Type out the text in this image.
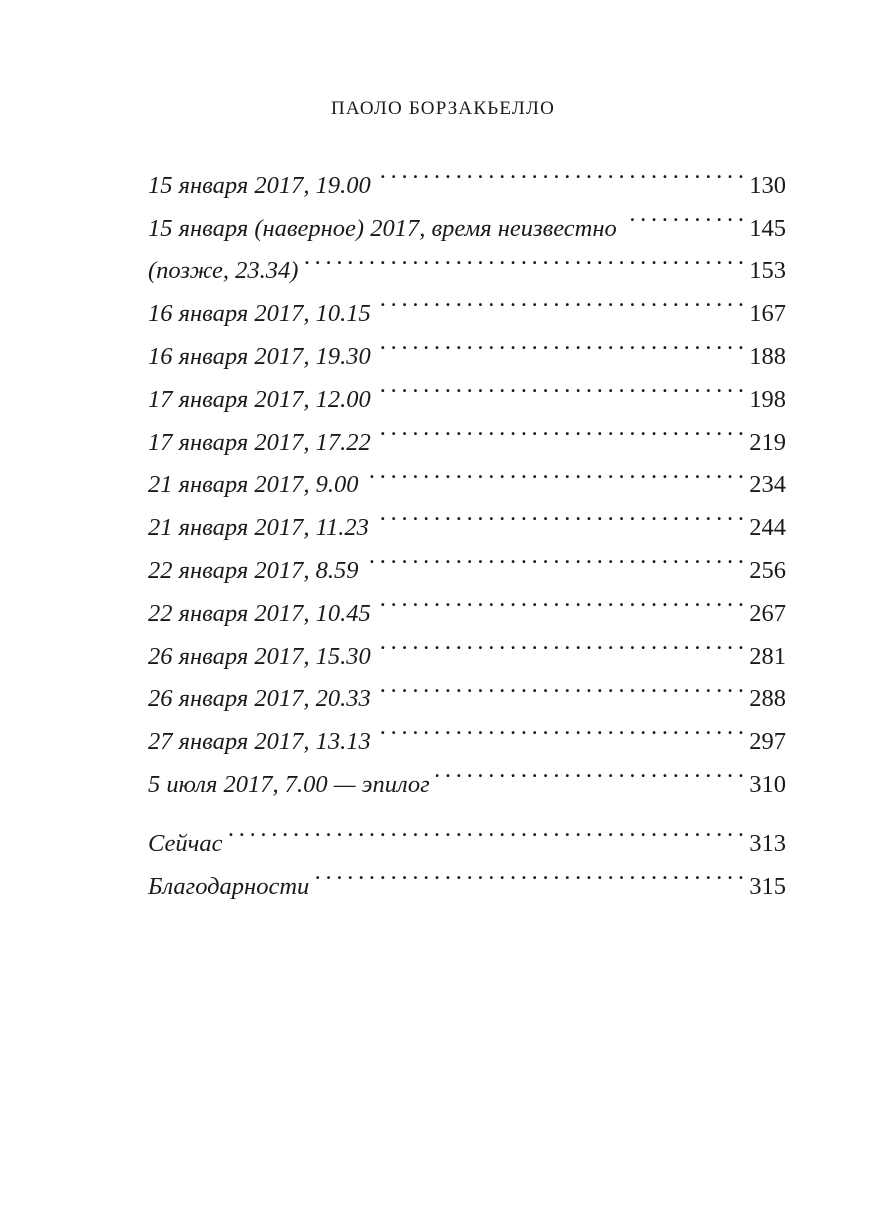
ПАОЛО БОРЗАКЬЕЛЛО
15 января 2017, 19.00 . . .	130
15 января (наверное) 2017, время неизвестно . . .	145
(позже, 23.34) . . .	153
16 января 2017, 10.15 . . .	167
16 января 2017, 19.30 . . .	188
17 января 2017, 12.00 . . .	198
17 января 2017, 17.22 . . .	219
21 января 2017, 9.00 . . .	234
21 января 2017, 11.23 . . .	244
22 января 2017, 8.59 . . .	256
22 января 2017, 10.45 . . .	267
26 января 2017, 15.30 . . .	281
26 января 2017, 20.33 . . .	288
27 января 2017, 13.13 . . .	297
5 июля 2017, 7.00 — эпилог . . .	310
Сейчас . . .	313
Благодарности . . .	315
